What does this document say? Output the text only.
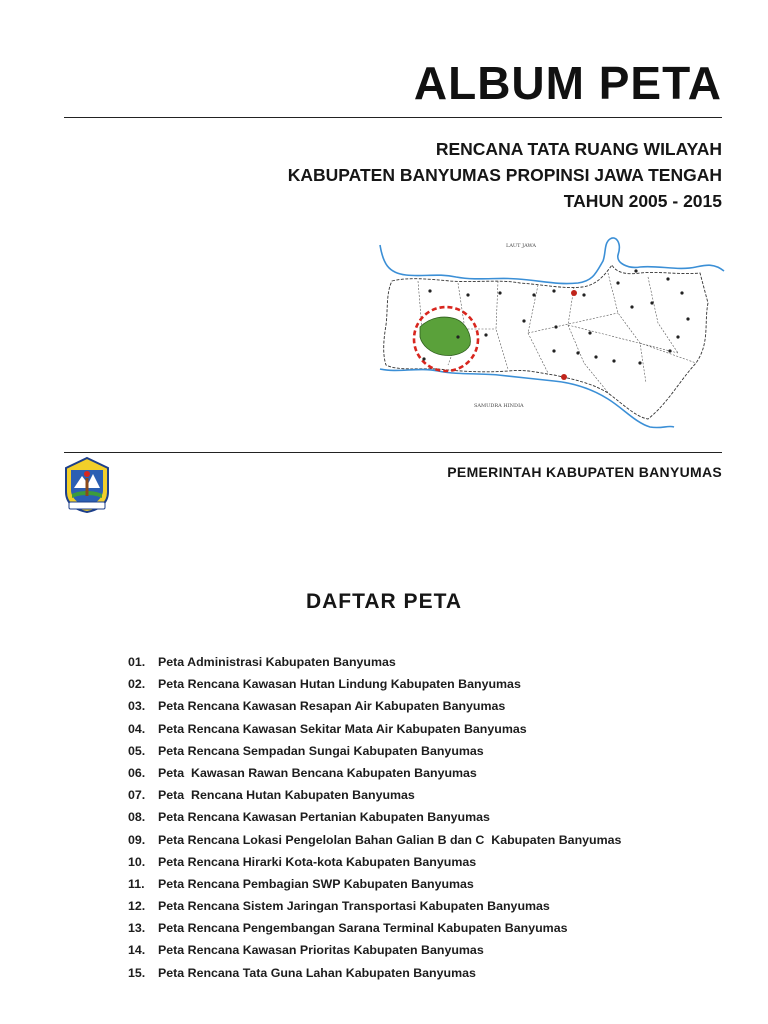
ALBUM PETA
RENCANA TATA RUANG WILAYAH
KABUPATEN BANYUMAS PROPINSI JAWA TENGAH
TAHUN 2005 - 2015
LAUT JAWA
SAMUDRA HINDIA
PEMERINTAH KABUPATEN BANYUMAS
DAFTAR PETA
01.	Peta Administrasi Kabupaten Banyumas
02.	Peta Rencana Kawasan Hutan Lindung Kabupaten Banyumas
03.	Peta Rencana Kawasan Resapan Air Kabupaten Banyumas
04.	Peta Rencana Kawasan Sekitar Mata Air Kabupaten Banyumas
05.	Peta Rencana Sempadan Sungai Kabupaten Banyumas
06.	Peta  Kawasan Rawan Bencana Kabupaten Banyumas
07.	Peta  Rencana Hutan Kabupaten Banyumas
08.	Peta Rencana Kawasan Pertanian Kabupaten Banyumas
09.	Peta Rencana Lokasi Pengelolan Bahan Galian B dan C  Kabupaten Banyumas
10.	Peta Rencana Hirarki Kota-kota Kabupaten Banyumas
11.	Peta Rencana Pembagian SWP Kabupaten Banyumas
12.	Peta Rencana Sistem Jaringan Transportasi Kabupaten Banyumas
13.	Peta Rencana Pengembangan Sarana Terminal Kabupaten Banyumas
14.	Peta Rencana Kawasan Prioritas Kabupaten Banyumas
15.	Peta Rencana Tata Guna Lahan Kabupaten Banyumas
